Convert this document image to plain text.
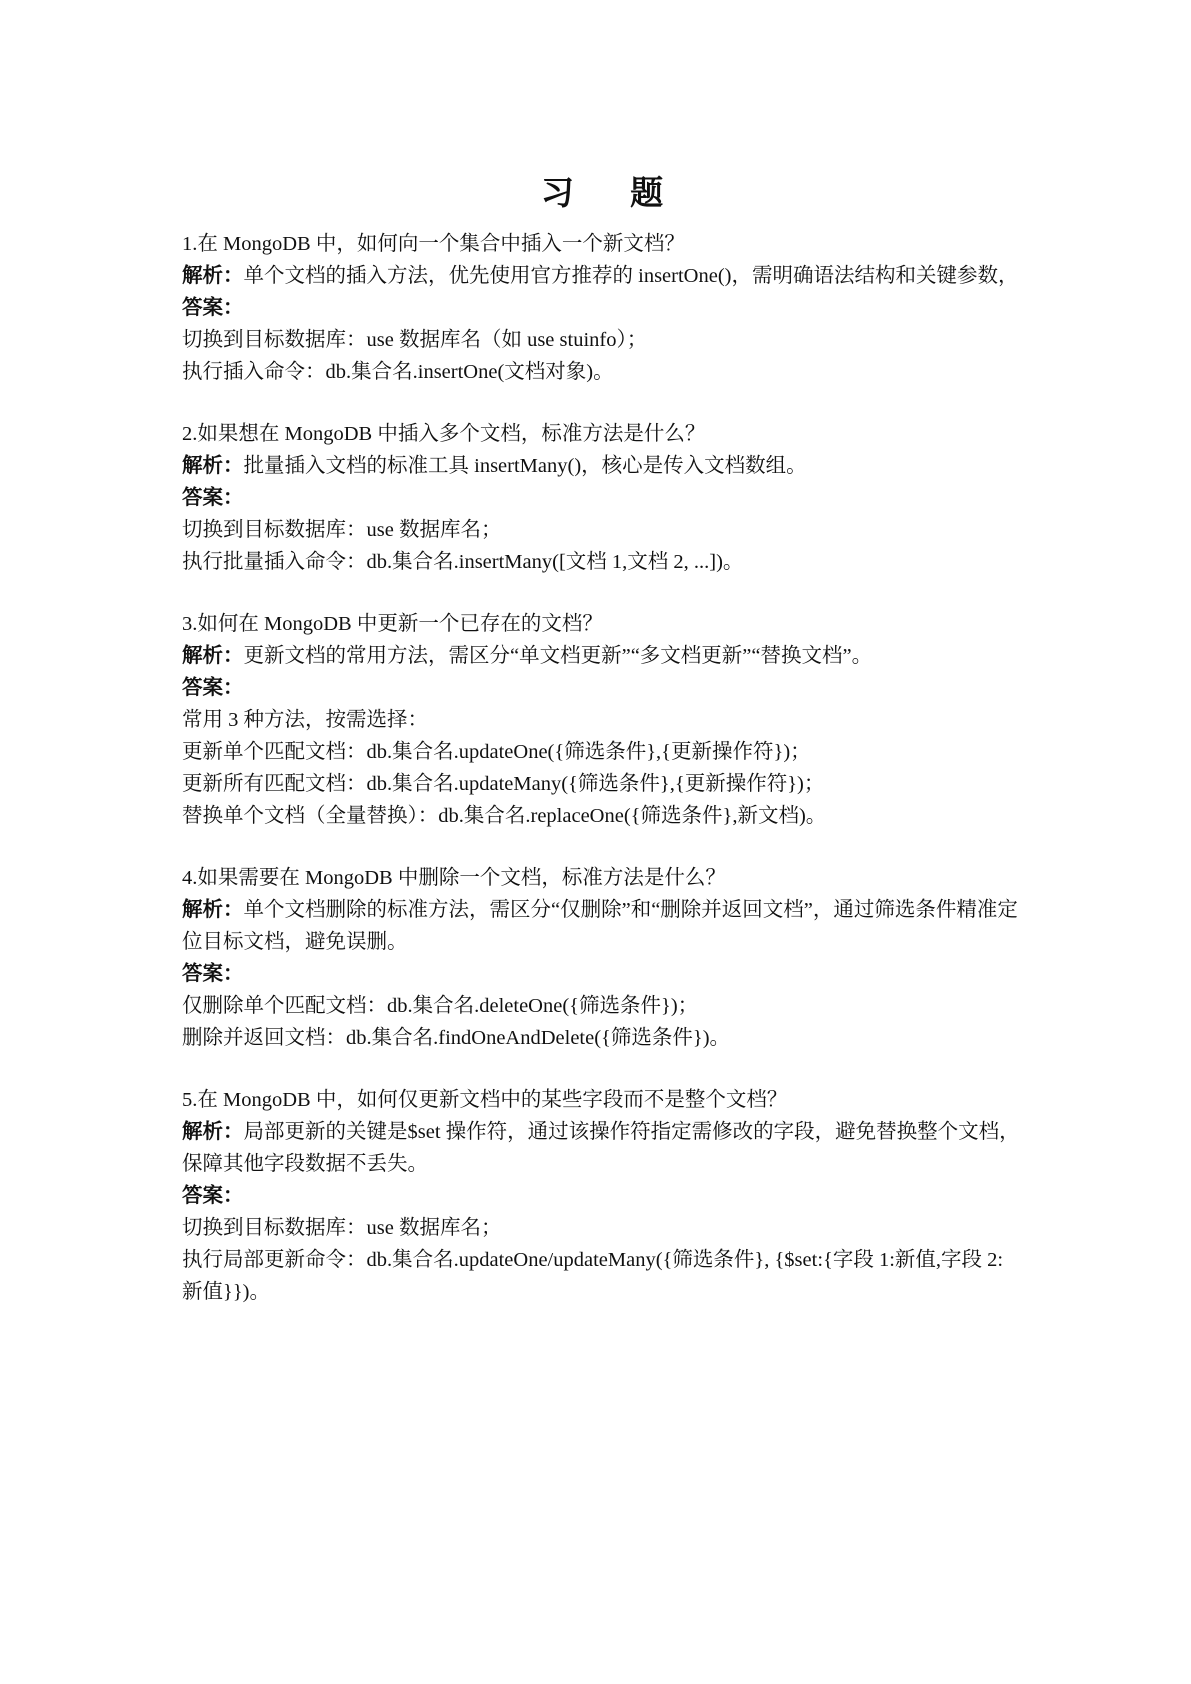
习 题

1.在 MongoDB 中，如何向一个集合中插入一个新文档？

解析：单个文档的插入方法，优先使用官方推荐的 insertOne()，需明确语法结构和关键参数，

答案：

切换到目标数据库：use 数据库名（如 use stuinfo）；

执行插入命令：db.集合名.insertOne(文档对象)。

2.如果想在 MongoDB 中插入多个文档，标准方法是什么？

解析：批量插入文档的标准工具 insertMany()，核心是传入文档数组。

答案：

切换到目标数据库：use 数据库名；

执行批量插入命令：db.集合名.insertMany([文档 1,文档 2, ...])。

3.如何在 MongoDB 中更新一个已存在的文档？

解析：更新文档的常用方法，需区分“单文档更新”“多文档更新”“替换文档”。

答案：

常用 3 种方法，按需选择：

更新单个匹配文档：db.集合名.updateOne({筛选条件},{更新操作符})；

更新所有匹配文档：db.集合名.updateMany({筛选条件},{更新操作符})；

替换单个文档（全量替换）：db.集合名.replaceOne({筛选条件},新文档)。

4.如果需要在 MongoDB 中删除一个文档，标准方法是什么？

解析：单个文档删除的标准方法，需区分“仅删除”和“删除并返回文档”，通过筛选条件精准定位目标文档，避免误删。

答案：

仅删除单个匹配文档：db.集合名.deleteOne({筛选条件})；

删除并返回文档：db.集合名.findOneAndDelete({筛选条件})。

5.在 MongoDB 中，如何仅更新文档中的某些字段而不是整个文档？

解析：局部更新的关键是$set 操作符，通过该操作符指定需修改的字段，避免替换整个文档，保障其他字段数据不丢失。

答案：

切换到目标数据库：use 数据库名；

执行局部更新命令：db.集合名.updateOne/updateMany({筛选条件}, {$set:{字段 1:新值,字段 2:新值}})。
